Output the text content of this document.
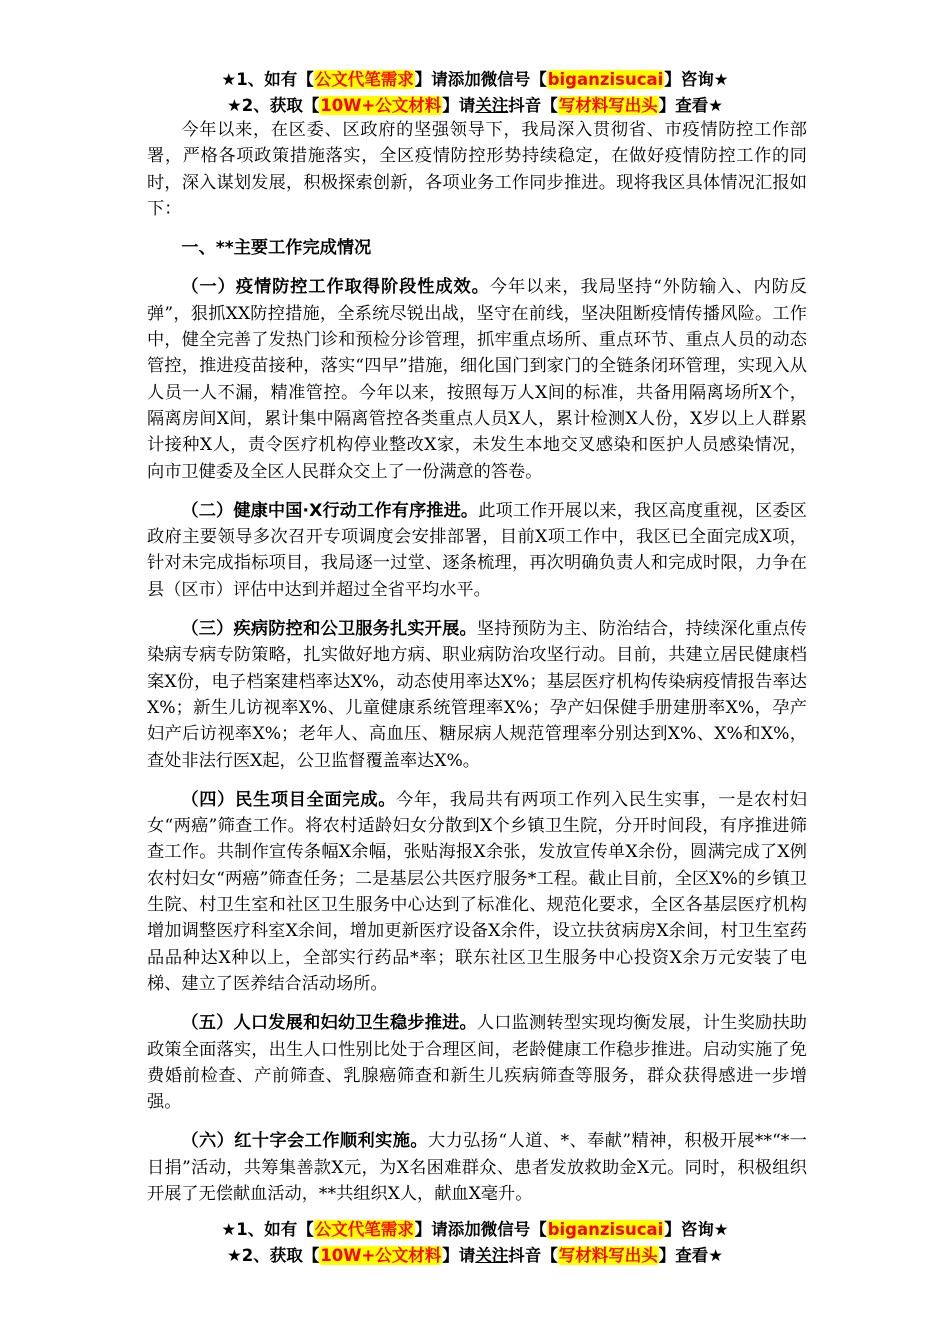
★1、如有【公文代笔需求】请添加微信号【biganzisucai】咨询★
★2、获取【10W+公文材料】请关注抖音【写材料写出头】查看★

今年以来，在区委、区政府的坚强领导下，我局深入贯彻省、市疫情防控工作部署，严格各项政策措施落实，全区疫情防控形势持续稳定，在做好疫情防控工作的同时，深入谋划发展，积极探索创新，各项业务工作同步推进。现将我区具体情况汇报如下：

一、**主要工作完成情况

（一）疫情防控工作取得阶段性成效。今年以来，我局坚持“外防输入、内防反弹”，狠抓XX防控措施，全系统尽锐出战，坚守在前线，坚决阻断疫情传播风险。工作中，健全完善了发热门诊和预检分诊管理，抓牢重点场所、重点环节、重点人员的动态管控，推进疫苗接种，落实“四早”措施，细化国门到家门的全链条闭环管理，实现入从人员一人不漏，精准管控。今年以来，按照每万人X间的标准，共备用隔离场所X个，隔离房间X间，累计集中隔离管控各类重点人员X人，累计检测X人份，X岁以上人群累计接种X人，责令医疗机构停业整改X家，未发生本地交叉感染和医护人员感染情况，向市卫健委及全区人民群众交上了一份满意的答卷。

（二）健康中国·X行动工作有序推进。此项工作开展以来，我区高度重视，区委区政府主要领导多次召开专项调度会安排部署，目前X项工作中，我区已全面完成X项，针对未完成指标项目，我局逐一过堂、逐条梳理，再次明确负责人和完成时限，力争在县（区市）评估中达到并超过全省平均水平。

（三）疾病防控和公卫服务扎实开展。坚持预防为主、防治结合，持续深化重点传染病专病专防策略，扎实做好地方病、职业病防治攻坚行动。目前，共建立居民健康档案X份，电子档案建档率达X%，动态使用率达X%；基层医疗机构传染病疫情报告率达X%；新生儿访视率X%、儿童健康系统管理率X%；孕产妇保健手册建册率X%，孕产妇产后访视率X%；老年人、高血压、糖尿病人规范管理率分别达到X%、X%和X%，查处非法行医X起，公卫监督覆盖率达X%。

（四）民生项目全面完成。今年，我局共有两项工作列入民生实事，一是农村妇女“两癌”筛查工作。将农村适龄妇女分散到X个乡镇卫生院，分开时间段，有序推进筛查工作。共制作宣传条幅X余幅，张贴海报X余张，发放宣传单X余份，圆满完成了X例农村妇女“两癌”筛查任务；二是基层公共医疗服务*工程。截止目前，全区X%的乡镇卫生院、村卫生室和社区卫生服务中心达到了标准化、规范化要求，全区各基层医疗机构增加调整医疗科室X余间，增加更新医疗设备X余件，设立扶贫病房X余间，村卫生室药品品种达X种以上，全部实行药品*率；联东社区卫生服务中心投资X余万元安装了电梯、建立了医养结合活动场所。

（五）人口发展和妇幼卫生稳步推进。人口监测转型实现均衡发展，计生奖励扶助政策全面落实，出生人口性别比处于合理区间，老龄健康工作稳步推进。启动实施了免费婚前检查、产前筛查、乳腺癌筛查和新生儿疾病筛查等服务，群众获得感进一步增强。

（六）红十字会工作顺利实施。大力弘扬“人道、*、奉献”精神，积极开展**“*一日捐”活动，共筹集善款X元，为X名困难群众、患者发放救助金X元。同时，积极组织开展了无偿献血活动，**共组织X人，献血X毫升。

★1、如有【公文代笔需求】请添加微信号【biganzisucai】咨询★
★2、获取【10W+公文材料】请关注抖音【写材料写出头】查看★
